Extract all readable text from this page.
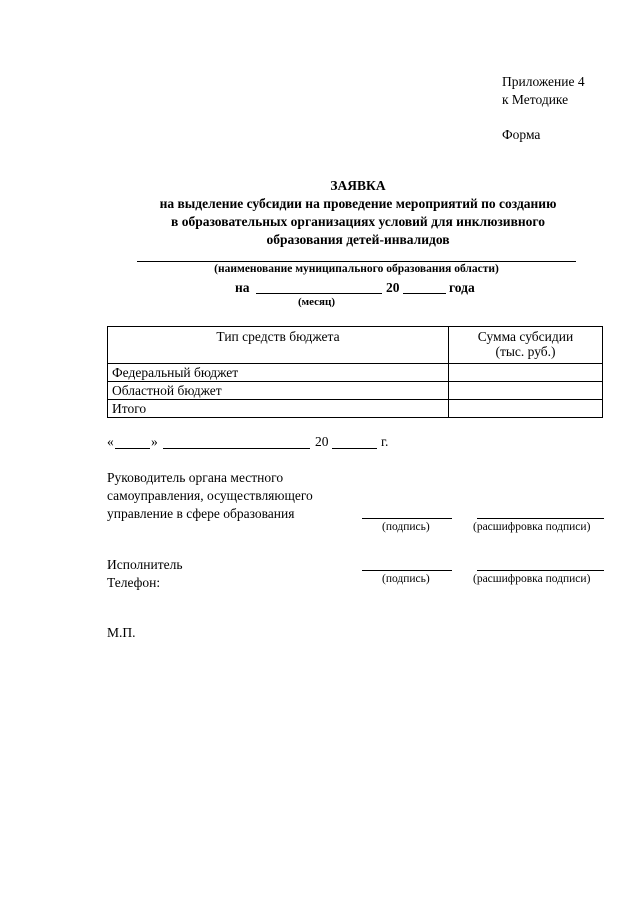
Приложение 4
к Методике
Форма
ЗАЯВКА
на выделение субсидии на проведение мероприятий по созданию
в образовательных организациях условий для инклюзивного
образования детей-инвалидов
(наименование муниципального образования области)
на	20	года
(месяц)
Тип средств бюджета	Сумма субсидии (тыс. руб.)
Федеральный бюджет	
Областной бюджет	
Итого	
«	»	20	г.
Руководитель органа местного
самоуправления, осуществляющего
управление в сфере образования
(подпись)	(расшифровка подписи)
Исполнитель
Телефон:	(подпись)	(расшифровка подписи)
М.П.
